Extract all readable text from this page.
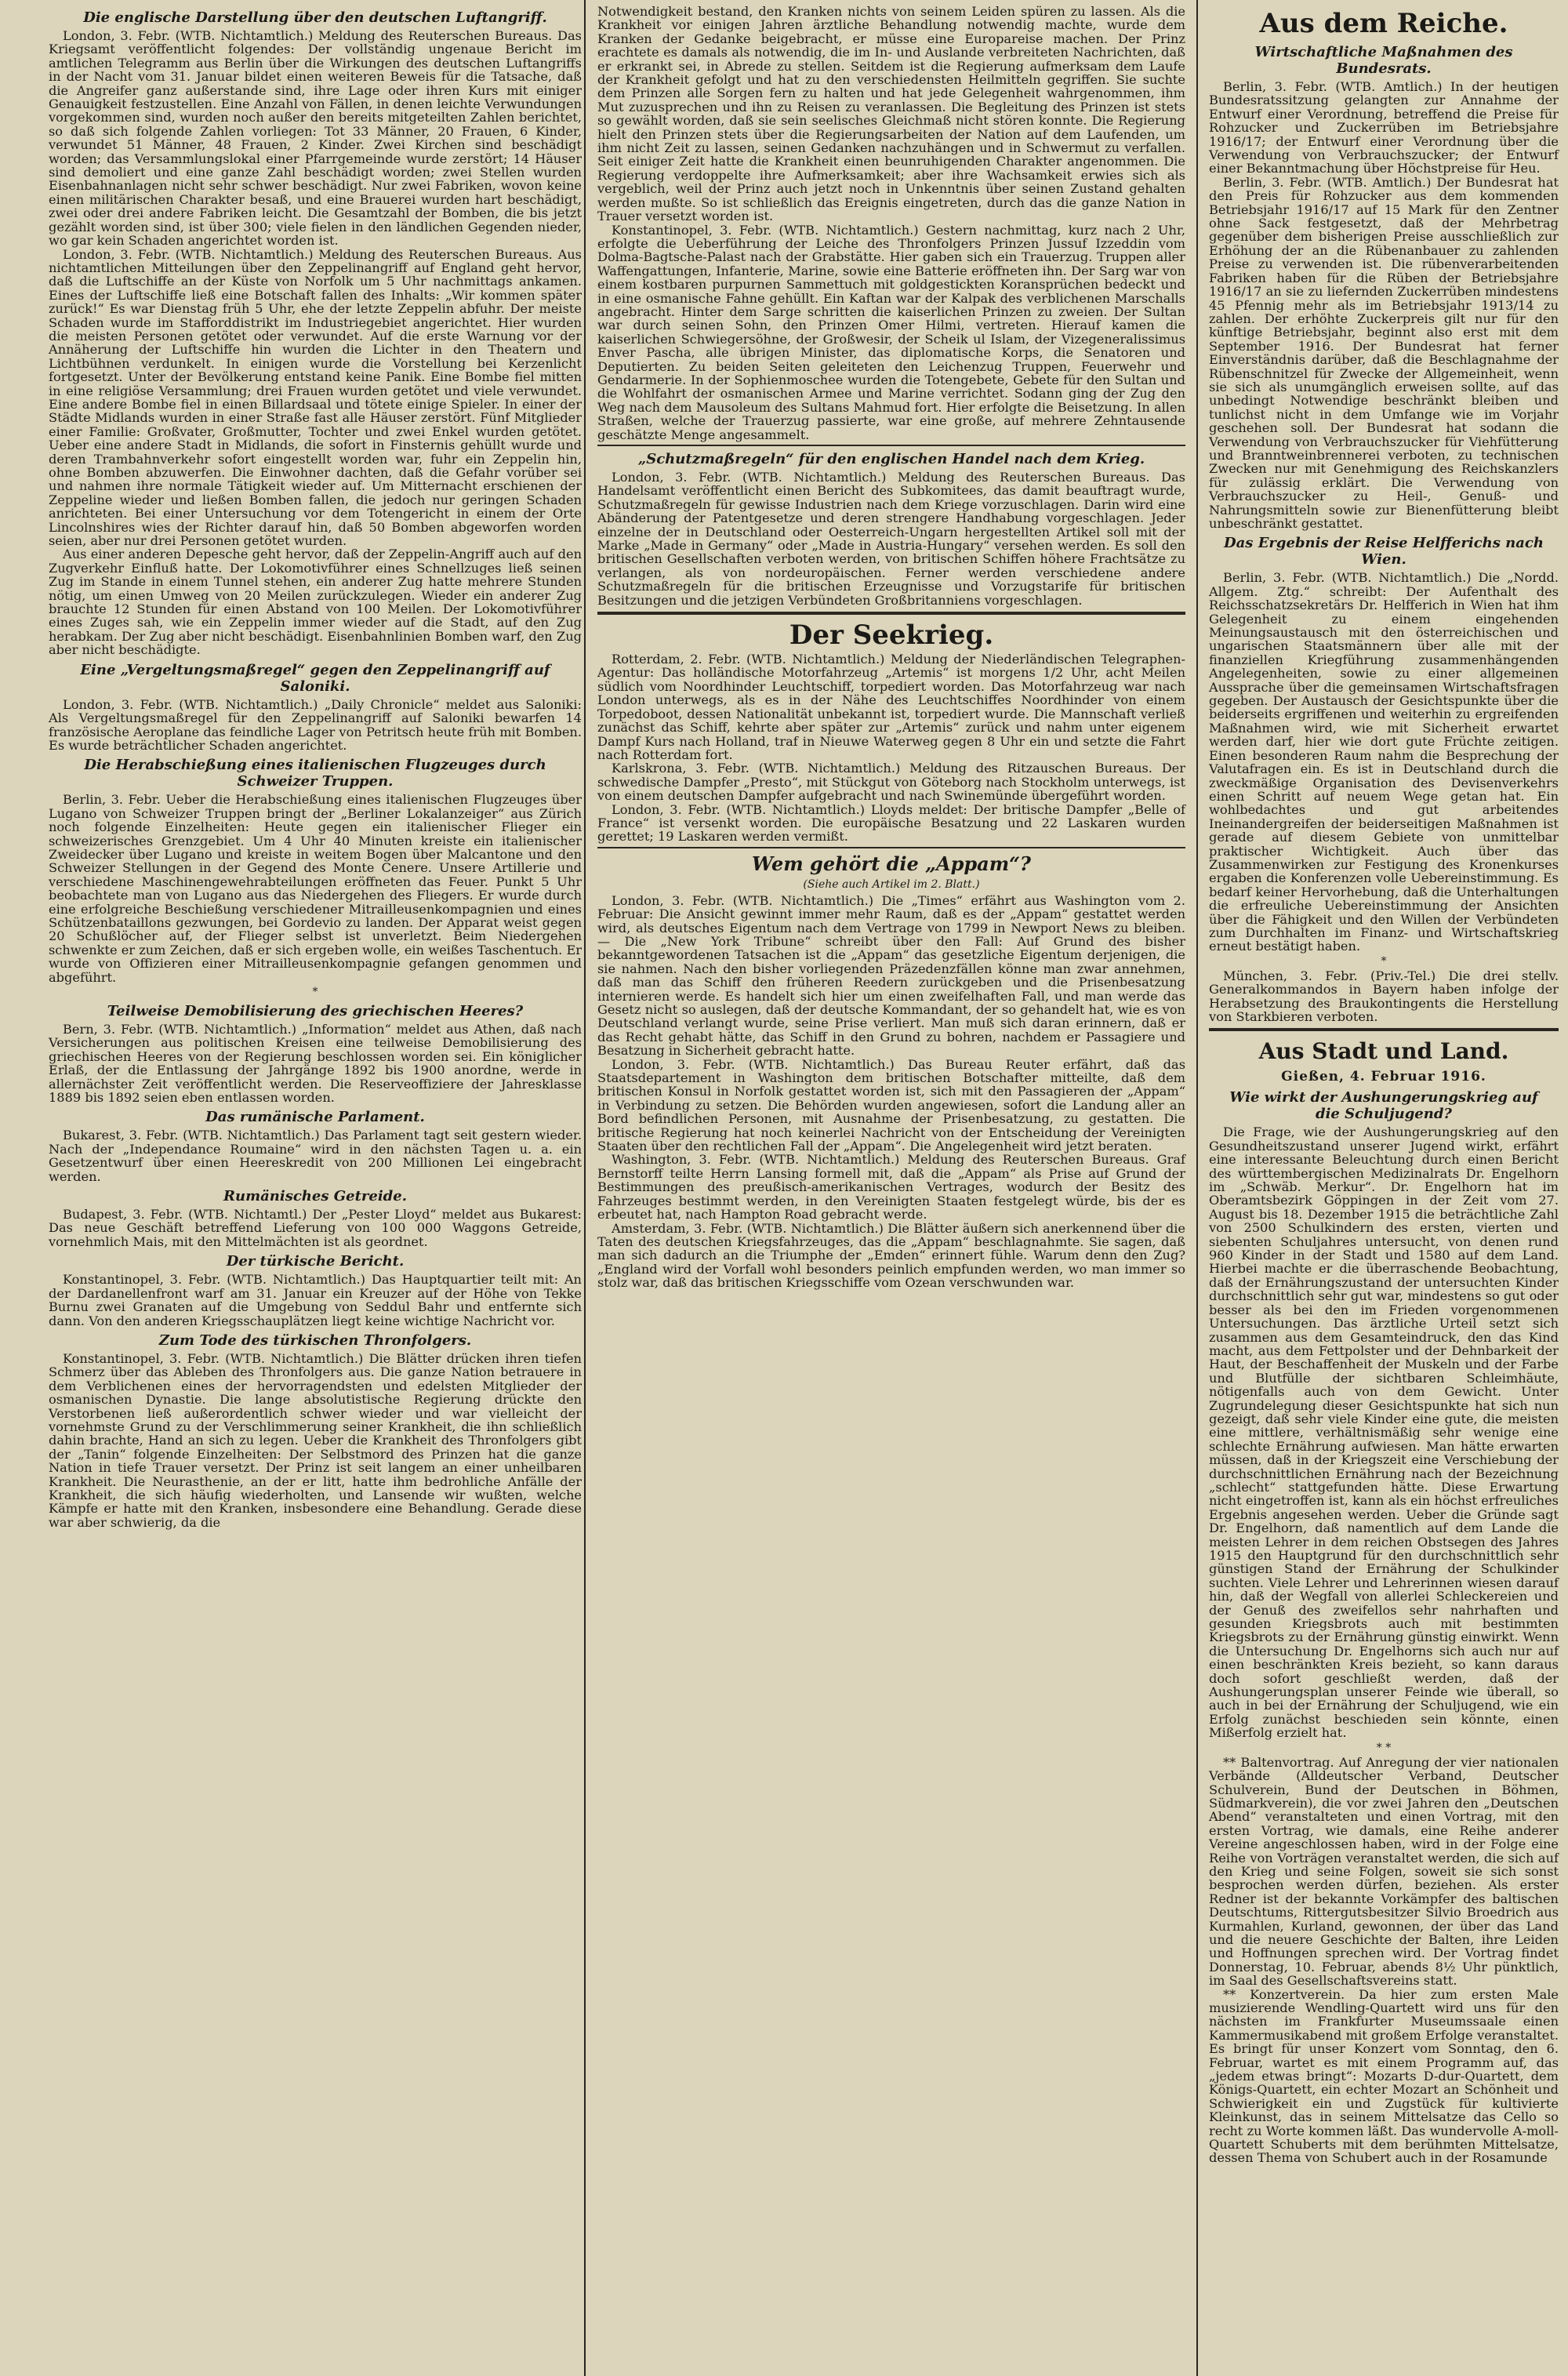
Die englische Darstellung über den deutschen Luftangriff.

London, 3. Febr. (WTB. Nichtamtlich.) Meldung des Reuterschen Bureaus. Das Kriegsamt veröffentlicht folgendes: Der vollständig ungenaue Bericht im amtlichen Telegramm aus Berlin über die Wirkungen des deutschen Luftangriffs in der Nacht vom 31. Januar bildet einen weiteren Beweis für die Tatsache, daß die Angreifer ganz außerstande sind, ihre Lage oder ihren Kurs mit einiger Genauigkeit festzustellen. Eine Anzahl von Fällen, in denen leichte Verwundungen vorgekommen sind, wurden noch außer den bereits mitgeteilten Zahlen berichtet, so daß sich folgende Zahlen vorliegen: Tot 33 Männer, 20 Frauen, 6 Kinder, verwundet 51 Männer, 48 Frauen, 2 Kinder. Zwei Kirchen sind beschädigt worden; das Versammlungslokal einer Pfarrgemeinde wurde zerstört; 14 Häuser sind demoliert und eine ganze Zahl beschädigt worden; zwei Stellen wurden Eisenbahnanlagen nicht sehr schwer beschädigt. Nur zwei Fabriken, wovon keine einen militärischen Charakter besaß, und eine Brauerei wurden hart beschädigt, zwei oder drei andere Fabriken leicht. Die Gesamtzahl der Bomben, die bis jetzt gezählt worden sind, ist über 300; viele fielen in den ländlichen Gegenden nieder, wo gar kein Schaden angerichtet worden ist.

London, 3. Febr. (WTB. Nichtamtlich.) Meldung des Reuterschen Bureaus. Aus nichtamtlichen Mitteilungen über den Zeppelinangriff auf England geht hervor, daß die Luftschiffe an der Küste von Norfolk um 5 Uhr nachmittags ankamen. Eines der Luftschiffe ließ eine Botschaft fallen des Inhalts: „Wir kommen später zurück!“ Es war Dienstag früh 5 Uhr, ehe der letzte Zeppelin abfuhr. Der meiste Schaden wurde im Stafforddistrikt im Industriegebiet angerichtet. Hier wurden die meisten Personen getötet oder verwundet. Auf die erste Warnung vor der Annäherung der Luftschiffe hin wurden die Lichter in den Theatern und Lichtbühnen verdunkelt. In einigen wurde die Vorstellung bei Kerzenlicht fortgesetzt. Unter der Bevölkerung entstand keine Panik. Eine Bombe fiel mitten in eine religiöse Versammlung; drei Frauen wurden getötet und viele verwundet. Eine andere Bombe fiel in einen Billardsaal und tötete einige Spieler. In einer der Städte Midlands wurden in einer Straße fast alle Häuser zerstört. Fünf Mitglieder einer Familie: Großvater, Großmutter, Tochter und zwei Enkel wurden getötet. Ueber eine andere Stadt in Midlands, die sofort in Finsternis gehüllt wurde und deren Trambahnverkehr sofort eingestellt worden war, fuhr ein Zeppelin hin, ohne Bomben abzuwerfen. Die Einwohner dachten, daß die Gefahr vorüber sei und nahmen ihre normale Tätigkeit wieder auf. Um Mitternacht erschienen der Zeppeline wieder und ließen Bomben fallen, die jedoch nur geringen Schaden anrichteten. Bei einer Untersuchung vor dem Totengericht in einem der Orte Lincolnshires wies der Richter darauf hin, daß 50 Bomben abgeworfen worden seien, aber nur drei Personen getötet wurden.

Aus einer anderen Depesche geht hervor, daß der Zeppelin-Angriff auch auf den Zugverkehr Einfluß hatte. Der Lokomotivführer eines Schnellzuges ließ seinen Zug im Stande in einem Tunnel stehen, ein anderer Zug hatte mehrere Stunden nötig, um einen Umweg von 20 Meilen zurückzulegen. Wieder ein anderer Zug brauchte 12 Stunden für einen Abstand von 100 Meilen. Der Lokomotivführer eines Zuges sah, wie ein Zeppelin immer wieder auf die Stadt, auf den Zug herabkam. Der Zug aber nicht beschädigt. Eisenbahnlinien Bomben warf, den Zug aber nicht beschädigte.

Eine „Vergeltungsmaßregel“ gegen den Zeppelinangriff auf Saloniki.

London, 3. Febr. (WTB. Nichtamtlich.) „Daily Chronicle“ meldet aus Saloniki: Als Vergeltungsmaßregel für den Zeppelinangriff auf Saloniki bewarfen 14 französische Aeroplane das feindliche Lager von Petritsch heute früh mit Bomben. Es wurde beträchtlicher Schaden angerichtet.

Die Herabschießung eines italienischen Flugzeuges durch Schweizer Truppen.

Berlin, 3. Febr. Ueber die Herabschießung eines italienischen Flugzeuges über Lugano von Schweizer Truppen bringt der „Berliner Lokalanzeiger“ aus Zürich noch folgende Einzelheiten: Heute gegen ein italienischer Flieger ein schweizerisches Grenzgebiet. Um 4 Uhr 40 Minuten kreiste ein italienischer Zweidecker über Lugano und kreiste in weitem Bogen über Malcantone und den Schweizer Stellungen in der Gegend des Monte Cenere. Unsere Artillerie und verschiedene Maschinengewehrabteilungen eröffneten das Feuer. Punkt 5 Uhr beobachtete man von Lugano aus das Niedergehen des Fliegers. Er wurde durch eine erfolgreiche Beschießung verschiedener Mitrailleusenkompagnien und eines Schützenbataillons gezwungen, bei Gordevio zu landen. Der Apparat weist gegen 20 Schußlöcher auf, der Flieger selbst ist unverletzt. Beim Niedergehen schwenkte er zum Zeichen, daß er sich ergeben wolle, ein weißes Taschentuch. Er wurde von Offizieren einer Mitrailleusenkompagnie gefangen genommen und abgeführt.

*
Teilweise Demobilisierung des griechischen Heeres?

Bern, 3. Febr. (WTB. Nichtamtlich.) „Information“ meldet aus Athen, daß nach Versicherungen aus politischen Kreisen eine teilweise Demobilisierung des griechischen Heeres von der Regierung beschlossen worden sei. Ein königlicher Erlaß, der die Entlassung der Jahrgänge 1892 bis 1900 anordne, werde in allernächster Zeit veröffentlicht werden. Die Reserveoffiziere der Jahresklasse 1889 bis 1892 seien eben entlassen worden.

Das rumänische Parlament.

Bukarest, 3. Febr. (WTB. Nichtamtlich.) Das Parlament tagt seit gestern wieder. Nach der „Independance Roumaine“ wird in den nächsten Tagen u. a. ein Gesetzentwurf über einen Heereskredit von 200 Millionen Lei eingebracht werden.

Rumänisches Getreide.

Budapest, 3. Febr. (WTB. Nichtamtl.) Der „Pester Lloyd“ meldet aus Bukarest: Das neue Geschäft betreffend Lieferung von 100 000 Waggons Getreide, vornehmlich Mais, mit den Mittelmächten ist als geordnet.

Der türkische Bericht.

Konstantinopel, 3. Febr. (WTB. Nichtamtlich.) Das Hauptquartier teilt mit: An der Dardanellenfront warf am 31. Januar ein Kreuzer auf der Höhe von Tekke Burnu zwei Granaten auf die Umgebung von Seddul Bahr und entfernte sich dann. Von den anderen Kriegsschauplätzen liegt keine wichtige Nachricht vor.

Zum Tode des türkischen Thronfolgers.

Konstantinopel, 3. Febr. (WTB. Nichtamtlich.) Die Blätter drücken ihren tiefen Schmerz über das Ableben des Thronfolgers aus. Die ganze Nation betrauere in dem Verblichenen eines der hervorragendsten und edelsten Mitglieder der osmanischen Dynastie. Die lange absolutistische Regierung drückte den Verstorbenen ließ außerordentlich schwer wieder und war vielleicht der vornehmste Grund zu der Verschlimmerung seiner Krankheit, die ihn schließlich dahin brachte, Hand an sich zu legen. Ueber die Krankheit des Thronfolgers gibt der „Tanin“ folgende Einzelheiten: Der Selbstmord des Prinzen hat die ganze Nation in tiefe Trauer versetzt. Der Prinz ist seit langem an einer unheilbaren Krankheit. Die Neurasthenie, an der er litt, hatte ihm bedrohliche Anfälle der Krankheit, die sich häufig wiederholten, und Lansende wir wußten, welche Kämpfe er hatte mit den Kranken, insbesondere eine Behandlung. Gerade diese war aber schwierig, da die

Notwendigkeit bestand, den Kranken nichts von seinem Leiden spüren zu lassen. Als die Krankheit vor einigen Jahren ärztliche Behandlung notwendig machte, wurde dem Kranken der Gedanke beigebracht, er müsse eine Europareise machen. Der Prinz erachtete es damals als notwendig, die im In- und Auslande verbreiteten Nachrichten, daß er erkrankt sei, in Abrede zu stellen. Seitdem ist die Regierung aufmerksam dem Laufe der Krankheit gefolgt und hat zu den verschiedensten Heilmitteln gegriffen. Sie suchte dem Prinzen alle Sorgen fern zu halten und hat jede Gelegenheit wahrgenommen, ihm Mut zuzusprechen und ihn zu Reisen zu veranlassen. Die Begleitung des Prinzen ist stets so gewählt worden, daß sie sein seelisches Gleichmaß nicht stören konnte. Die Regierung hielt den Prinzen stets über die Regierungsarbeiten der Nation auf dem Laufenden, um ihm nicht Zeit zu lassen, seinen Gedanken nachzuhängen und in Schwermut zu verfallen. Seit einiger Zeit hatte die Krankheit einen beunruhigenden Charakter angenommen. Die Regierung verdoppelte ihre Aufmerksamkeit; aber ihre Wachsamkeit erwies sich als vergeblich, weil der Prinz auch jetzt noch in Unkenntnis über seinen Zustand gehalten werden mußte. So ist schließlich das Ereignis eingetreten, durch das die ganze Nation in Trauer versetzt worden ist.

Konstantinopel, 3. Febr. (WTB. Nichtamtlich.) Gestern nachmittag, kurz nach 2 Uhr, erfolgte die Ueberführung der Leiche des Thronfolgers Prinzen Jussuf Izzeddin vom Dolma-Bagtsche-Palast nach der Grabstätte. Hier gaben sich ein Trauerzug. Truppen aller Waffengattungen, Infanterie, Marine, sowie eine Batterie eröffneten ihn. Der Sarg war von einem kostbaren purpurnen Sammettuch mit goldgestickten Koransprüchen bedeckt und in eine osmanische Fahne gehüllt. Ein Kaftan war der Kalpak des verblichenen Marschalls angebracht. Hinter dem Sarge schritten die kaiserlichen Prinzen zu zweien. Der Sultan war durch seinen Sohn, den Prinzen Omer Hilmi, vertreten. Hierauf kamen die kaiserlichen Schwiegersöhne, der Großwesir, der Scheik ul Islam, der Vizegeneralissimus Enver Pascha, alle übrigen Minister, das diplomatische Korps, die Senatoren und Deputierten. Zu beiden Seiten geleiteten den Leichenzug Truppen, Feuerwehr und Gendarmerie. In der Sophienmoschee wurden die Totengebete, Gebete für den Sultan und die Wohlfahrt der osmanischen Armee und Marine verrichtet. Sodann ging der Zug den Weg nach dem Mausoleum des Sultans Mahmud fort. Hier erfolgte die Beisetzung. In allen Straßen, welche der Trauerzug passierte, war eine große, auf mehrere Zehntausende geschätzte Menge angesammelt.

„Schutzmaßregeln“ für den englischen Handel nach dem Krieg.

London, 3. Febr. (WTB. Nichtamtlich.) Meldung des Reuterschen Bureaus. Das Handelsamt veröffentlicht einen Bericht des Subkomitees, das damit beauftragt wurde, Schutzmaßregeln für gewisse Industrien nach dem Kriege vorzuschlagen. Darin wird eine Abänderung der Patentgesetze und deren strengere Handhabung vorgeschlagen. Jeder einzelne der in Deutschland oder Oesterreich-Ungarn hergestellten Artikel soll mit der Marke „Made in Germany“ oder „Made in Austria-Hungary“ versehen werden. Es soll den britischen Gesellschaften verboten werden, von britischen Schiffen höhere Frachtsätze zu verlangen, als von nordeuropäischen. Ferner werden verschiedene andere Schutzmaßregeln für die britischen Erzeugnisse und Vorzugstarife für britischen Besitzungen und die jetzigen Verbündeten Großbritanniens vorgeschlagen.

Der Seekrieg.

Rotterdam, 2. Febr. (WTB. Nichtamtlich.) Meldung der Niederländischen Telegraphen-Agentur: Das holländische Motorfahrzeug „Artemis“ ist morgens 1/2 Uhr, acht Meilen südlich vom Noordhinder Leuchtschiff, torpediert worden. Das Motorfahrzeug war nach London unterwegs, als es in der Nähe des Leuchtschiffes Noordhinder von einem Torpedoboot, dessen Nationalität unbekannt ist, torpediert wurde. Die Mannschaft verließ zunächst das Schiff, kehrte aber später zur „Artemis“ zurück und nahm unter eigenem Dampf Kurs nach Holland, traf in Nieuwe Waterweg gegen 8 Uhr ein und setzte die Fahrt nach Rotterdam fort.

Karlskrona, 3. Febr. (WTB. Nichtamtlich.) Meldung des Ritzauschen Bureaus. Der schwedische Dampfer „Presto“, mit Stückgut von Göteborg nach Stockholm unterwegs, ist von einem deutschen Dampfer aufgebracht und nach Swinemünde übergeführt worden.

London, 3. Febr. (WTB. Nichtamtlich.) Lloyds meldet: Der britische Dampfer „Belle of France“ ist versenkt worden. Die europäische Besatzung und 22 Laskaren wurden gerettet; 19 Laskaren werden vermißt.

Wem gehört die „Appam“?
(Siehe auch Artikel im 2. Blatt.)

London, 3. Febr. (WTB. Nichtamtlich.) Die „Times“ erfährt aus Washington vom 2. Februar: Die Ansicht gewinnt immer mehr Raum, daß es der „Appam“ gestattet werden wird, als deutsches Eigentum nach dem Vertrage von 1799 in Newport News zu bleiben. — Die „New York Tribune“ schreibt über den Fall: Auf Grund des bisher bekanntgewordenen Tatsachen ist die „Appam“ das gesetzliche Eigentum derjenigen, die sie nahmen. Nach den bisher vorliegenden Präzedenzfällen könne man zwar annehmen, daß man das Schiff den früheren Reedern zurückgeben und die Prisenbesatzung internieren werde. Es handelt sich hier um einen zweifelhaften Fall, und man werde das Gesetz nicht so auslegen, daß der deutsche Kommandant, der so gehandelt hat, wie es von Deutschland verlangt wurde, seine Prise verliert. Man muß sich daran erinnern, daß er das Recht gehabt hätte, das Schiff in den Grund zu bohren, nachdem er Passagiere und Besatzung in Sicherheit gebracht hatte.

London, 3. Febr. (WTB. Nichtamtlich.) Das Bureau Reuter erfährt, daß das Staatsdepartement in Washington dem britischen Botschafter mitteilte, daß dem britischen Konsul in Norfolk gestattet worden ist, sich mit den Passagieren der „Appam“ in Verbindung zu setzen. Die Behörden wurden angewiesen, sofort die Landung aller an Bord befindlichen Personen, mit Ausnahme der Prisenbesatzung, zu gestatten. Die britische Regierung hat noch keinerlei Nachricht von der Entscheidung der Vereinigten Staaten über den rechtlichen Fall der „Appam“. Die Angelegenheit wird jetzt beraten.

Washington, 3. Febr. (WTB. Nichtamtlich.) Meldung des Reuterschen Bureaus. Graf Bernstorff teilte Herrn Lansing formell mit, daß die „Appam“ als Prise auf Grund der Bestimmungen des preußisch-amerikanischen Vertrages, wodurch der Besitz des Fahrzeuges bestimmt werden, in den Vereinigten Staaten festgelegt würde, bis der es erbeutet hat, nach Hampton Road gebracht werde.

Amsterdam, 3. Febr. (WTB. Nichtamtlich.) Die Blätter äußern sich anerkennend über die Taten des deutschen Kriegsfahrzeuges, das die „Appam“ beschlagnahmte. Sie sagen, daß man sich dadurch an die Triumphe der „Emden“ erinnert fühle. Warum denn den Zug? „England wird der Vorfall wohl besonders peinlich empfunden werden, wo man immer so stolz war, daß das britischen Kriegsschiffe vom Ozean verschwunden war.

Aus dem Reiche.
Wirtschaftliche Maßnahmen des Bundesrats.

Berlin, 3. Febr. (WTB. Amtlich.) In der heutigen Bundesratssitzung gelangten zur Annahme der Entwurf einer Verordnung, betreffend die Preise für Rohzucker und Zuckerrüben im Betriebsjahre 1916/17; der Entwurf einer Verordnung über die Verwendung von Verbrauchszucker; der Entwurf einer Bekanntmachung über Höchstpreise für Heu.

Berlin, 3. Febr. (WTB. Amtlich.) Der Bundesrat hat den Preis für Rohzucker aus dem kommenden Betriebsjahr 1916/17 auf 15 Mark für den Zentner ohne Sack festgesetzt, daß der Mehrbetrag gegenüber dem bisherigen Preise ausschließlich zur Erhöhung der an die Rübenanbauer zu zahlenden Preise zu verwenden ist. Die rübenverarbeitenden Fabriken haben für die Rüben der Betriebsjahre 1916/17 an sie zu liefernden Zuckerrüben mindestens 45 Pfennig mehr als im Betriebsjahr 1913/14 zu zahlen. Der erhöhte Zuckerpreis gilt nur für den künftige Betriebsjahr, beginnt also erst mit dem September 1916. Der Bundesrat hat ferner Einverständnis darüber, daß die Beschlagnahme der Rübenschnitzel für Zwecke der Allgemeinheit, wenn sie sich als unumgänglich erweisen sollte, auf das unbedingt Notwendige beschränkt bleiben und tunlichst nicht in dem Umfange wie im Vorjahr geschehen soll. Der Bundesrat hat sodann die Verwendung von Verbrauchszucker für Viehfütterung und Branntweinbrennerei verboten, zu technischen Zwecken nur mit Genehmigung des Reichskanzlers für zulässig erklärt. Die Verwendung von Verbrauchszucker zu Heil-, Genuß- und Nahrungsmitteln sowie zur Bienenfütterung bleibt unbeschränkt gestattet.

Das Ergebnis der Reise Helfferichs nach Wien.

Berlin, 3. Febr. (WTB. Nichtamtlich.) Die „Nordd. Allgem. Ztg.“ schreibt: Der Aufenthalt des Reichsschatzsekretärs Dr. Helfferich in Wien hat ihm Gelegenheit zu einem eingehenden Meinungsaustausch mit den österreichischen und ungarischen Staatsmännern über alle mit der finanziellen Kriegführung zusammenhängenden Angelegenheiten, sowie zu einer allgemeinen Aussprache über die gemeinsamen Wirtschaftsfragen gegeben. Der Austausch der Gesichtspunkte über die beiderseits ergriffenen und weiterhin zu ergreifenden Maßnahmen wird, wie mit Sicherheit erwartet werden darf, hier wie dort gute Früchte zeitigen. Einen besonderen Raum nahm die Besprechung der Valutafragen ein. Es ist in Deutschland durch die zweckmäßige Organisation des Devisenverkehrs einen Schritt auf neuem Wege getan hat. Ein wohlbedachtes und gut arbeitendes Ineinandergreifen der beiderseitigen Maßnahmen ist gerade auf diesem Gebiete von unmittelbar praktischer Wichtigkeit. Auch über das Zusammenwirken zur Festigung des Kronenkurses ergaben die Konferenzen volle Uebereinstimmung. Es bedarf keiner Hervorhebung, daß die Unterhaltungen die erfreuliche Uebereinstimmung der Ansichten über die Fähigkeit und den Willen der Verbündeten zum Durchhalten im Finanz- und Wirtschaftskrieg erneut bestätigt haben.

*

München, 3. Febr. (Priv.-Tel.) Die drei stellv. Generalkommandos in Bayern haben infolge der Herabsetzung des Braukontingents die Herstellung von Starkbieren verboten.

Aus Stadt und Land.
Gießen, 4. Februar 1916.
Wie wirkt der Aushungerungskrieg auf die Schuljugend?

Die Frage, wie der Aushungerungskrieg auf den Gesundheitszustand unserer Jugend wirkt, erfährt eine interessante Beleuchtung durch einen Bericht des württembergischen Medizinalrats Dr. Engelhorn im „Schwäb. Merkur“. Dr. Engelhorn hat im Oberamtsbezirk Göppingen in der Zeit vom 27. August bis 18. Dezember 1915 die beträchtliche Zahl von 2500 Schulkindern des ersten, vierten und siebenten Schuljahres untersucht, von denen rund 960 Kinder in der Stadt und 1580 auf dem Land. Hierbei machte er die überraschende Beobachtung, daß der Ernährungszustand der untersuchten Kinder durchschnittlich sehr gut war, mindestens so gut oder besser als bei den im Frieden vorgenommenen Untersuchungen. Das ärztliche Urteil setzt sich zusammen aus dem Gesamteindruck, den das Kind macht, aus dem Fettpolster und der Dehnbarkeit der Haut, der Beschaffenheit der Muskeln und der Farbe und Blutfülle der sichtbaren Schleimhäute, nötigenfalls auch von dem Gewicht. Unter Zugrundelegung dieser Gesichtspunkte hat sich nun gezeigt, daß sehr viele Kinder eine gute, die meisten eine mittlere, verhältnismäßig sehr wenige eine schlechte Ernährung aufwiesen. Man hätte erwarten müssen, daß in der Kriegszeit eine Verschiebung der durchschnittlichen Ernährung nach der Bezeichnung „schlecht“ stattgefunden hätte. Diese Erwartung nicht eingetroffen ist, kann als ein höchst erfreuliches Ergebnis angesehen werden. Ueber die Gründe sagt Dr. Engelhorn, daß namentlich auf dem Lande die meisten Lehrer in dem reichen Obstsegen des Jahres 1915 den Hauptgrund für den durchschnittlich sehr günstigen Stand der Ernährung der Schulkinder suchten. Viele Lehrer und Lehrerinnen wiesen darauf hin, daß der Wegfall von allerlei Schleckereien und der Genuß des zweifellos sehr nahrhaften und gesunden Kriegsbrots auch mit bestimmten Kriegsbrots zu der Ernährung günstig einwirkt. Wenn die Untersuchung Dr. Engelhorns sich auch nur auf einen beschränkten Kreis bezieht, so kann daraus doch sofort geschließt werden, daß der Aushungerungsplan unserer Feinde wie überall, so auch in bei der Ernährung der Schuljugend, wie ein Erfolg zunächst beschieden sein könnte, einen Mißerfolg erzielt hat.

* *

** Baltenvortrag. Auf Anregung der vier nationalen Verbände (Alldeutscher Verband, Deutscher Schulverein, Bund der Deutschen in Böhmen, Südmarkverein), die vor zwei Jahren den „Deutschen Abend“ veranstalteten und einen Vortrag, mit den ersten Vortrag, wie damals, eine Reihe anderer Vereine angeschlossen haben, wird in der Folge eine Reihe von Vorträgen veranstaltet werden, die sich auf den Krieg und seine Folgen, soweit sie sich sonst besprochen werden dürfen, beziehen. Als erster Redner ist der bekannte Vorkämpfer des baltischen Deutschtums, Rittergutsbesitzer Silvio Broedrich aus Kurmahlen, Kurland, gewonnen, der über das Land und die neuere Geschichte der Balten, ihre Leiden und Hoffnungen sprechen wird. Der Vortrag findet Donnerstag, 10. Februar, abends 8½ Uhr pünktlich, im Saal des Gesellschaftsvereins statt.

** Konzertverein. Da hier zum ersten Male musizierende Wendling-Quartett wird uns für den nächsten im Frankfurter Museumssaale einen Kammermusikabend mit großem Erfolge veranstaltet. Es bringt für unser Konzert vom Sonntag, den 6. Februar, wartet es mit einem Programm auf, das „jedem etwas bringt“: Mozarts D-dur-Quartett, dem Königs-Quartett, ein echter Mozart an Schönheit und Schwierigkeit ein und Zugstück für kultivierte Kleinkunst, das in seinem Mittelsatze das Cello so recht zu Worte kommen läßt. Das wundervolle A-moll-Quartett Schuberts mit dem berühmten Mittelsatze, dessen Thema von Schubert auch in der Rosamunde
